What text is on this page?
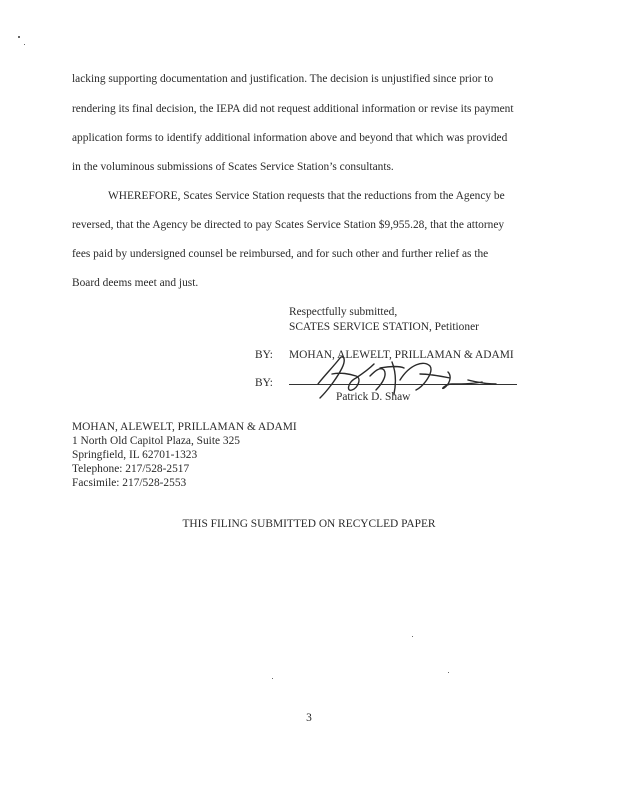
lacking supporting documentation and justification. The decision is unjustified since prior to
rendering its final decision, the IEPA did not request additional information or revise its payment
application forms to identify additional information above and beyond that which was provided
in the voluminous submissions of Scates Service Station’s consultants.
WHEREFORE, Scates Service Station requests that the reductions from the Agency be
reversed, that the Agency be directed to pay Scates Service Station $9,955.28, that the attorney
fees paid by undersigned counsel be reimbursed, and for such other and further relief as the
Board deems meet and just.
Respectfully submitted,
SCATES SERVICE STATION, Petitioner
BY: MOHAN, ALEWELT, PRILLAMAN & ADAMI
BY:
Patrick D. Shaw
MOHAN, ALEWELT, PRILLAMAN & ADAMI
1 North Old Capitol Plaza, Suite 325
Springfield, IL 62701-1323
Telephone: 217/528-2517
Facsimile: 217/528-2553
THIS FILING SUBMITTED ON RECYCLED PAPER
3
